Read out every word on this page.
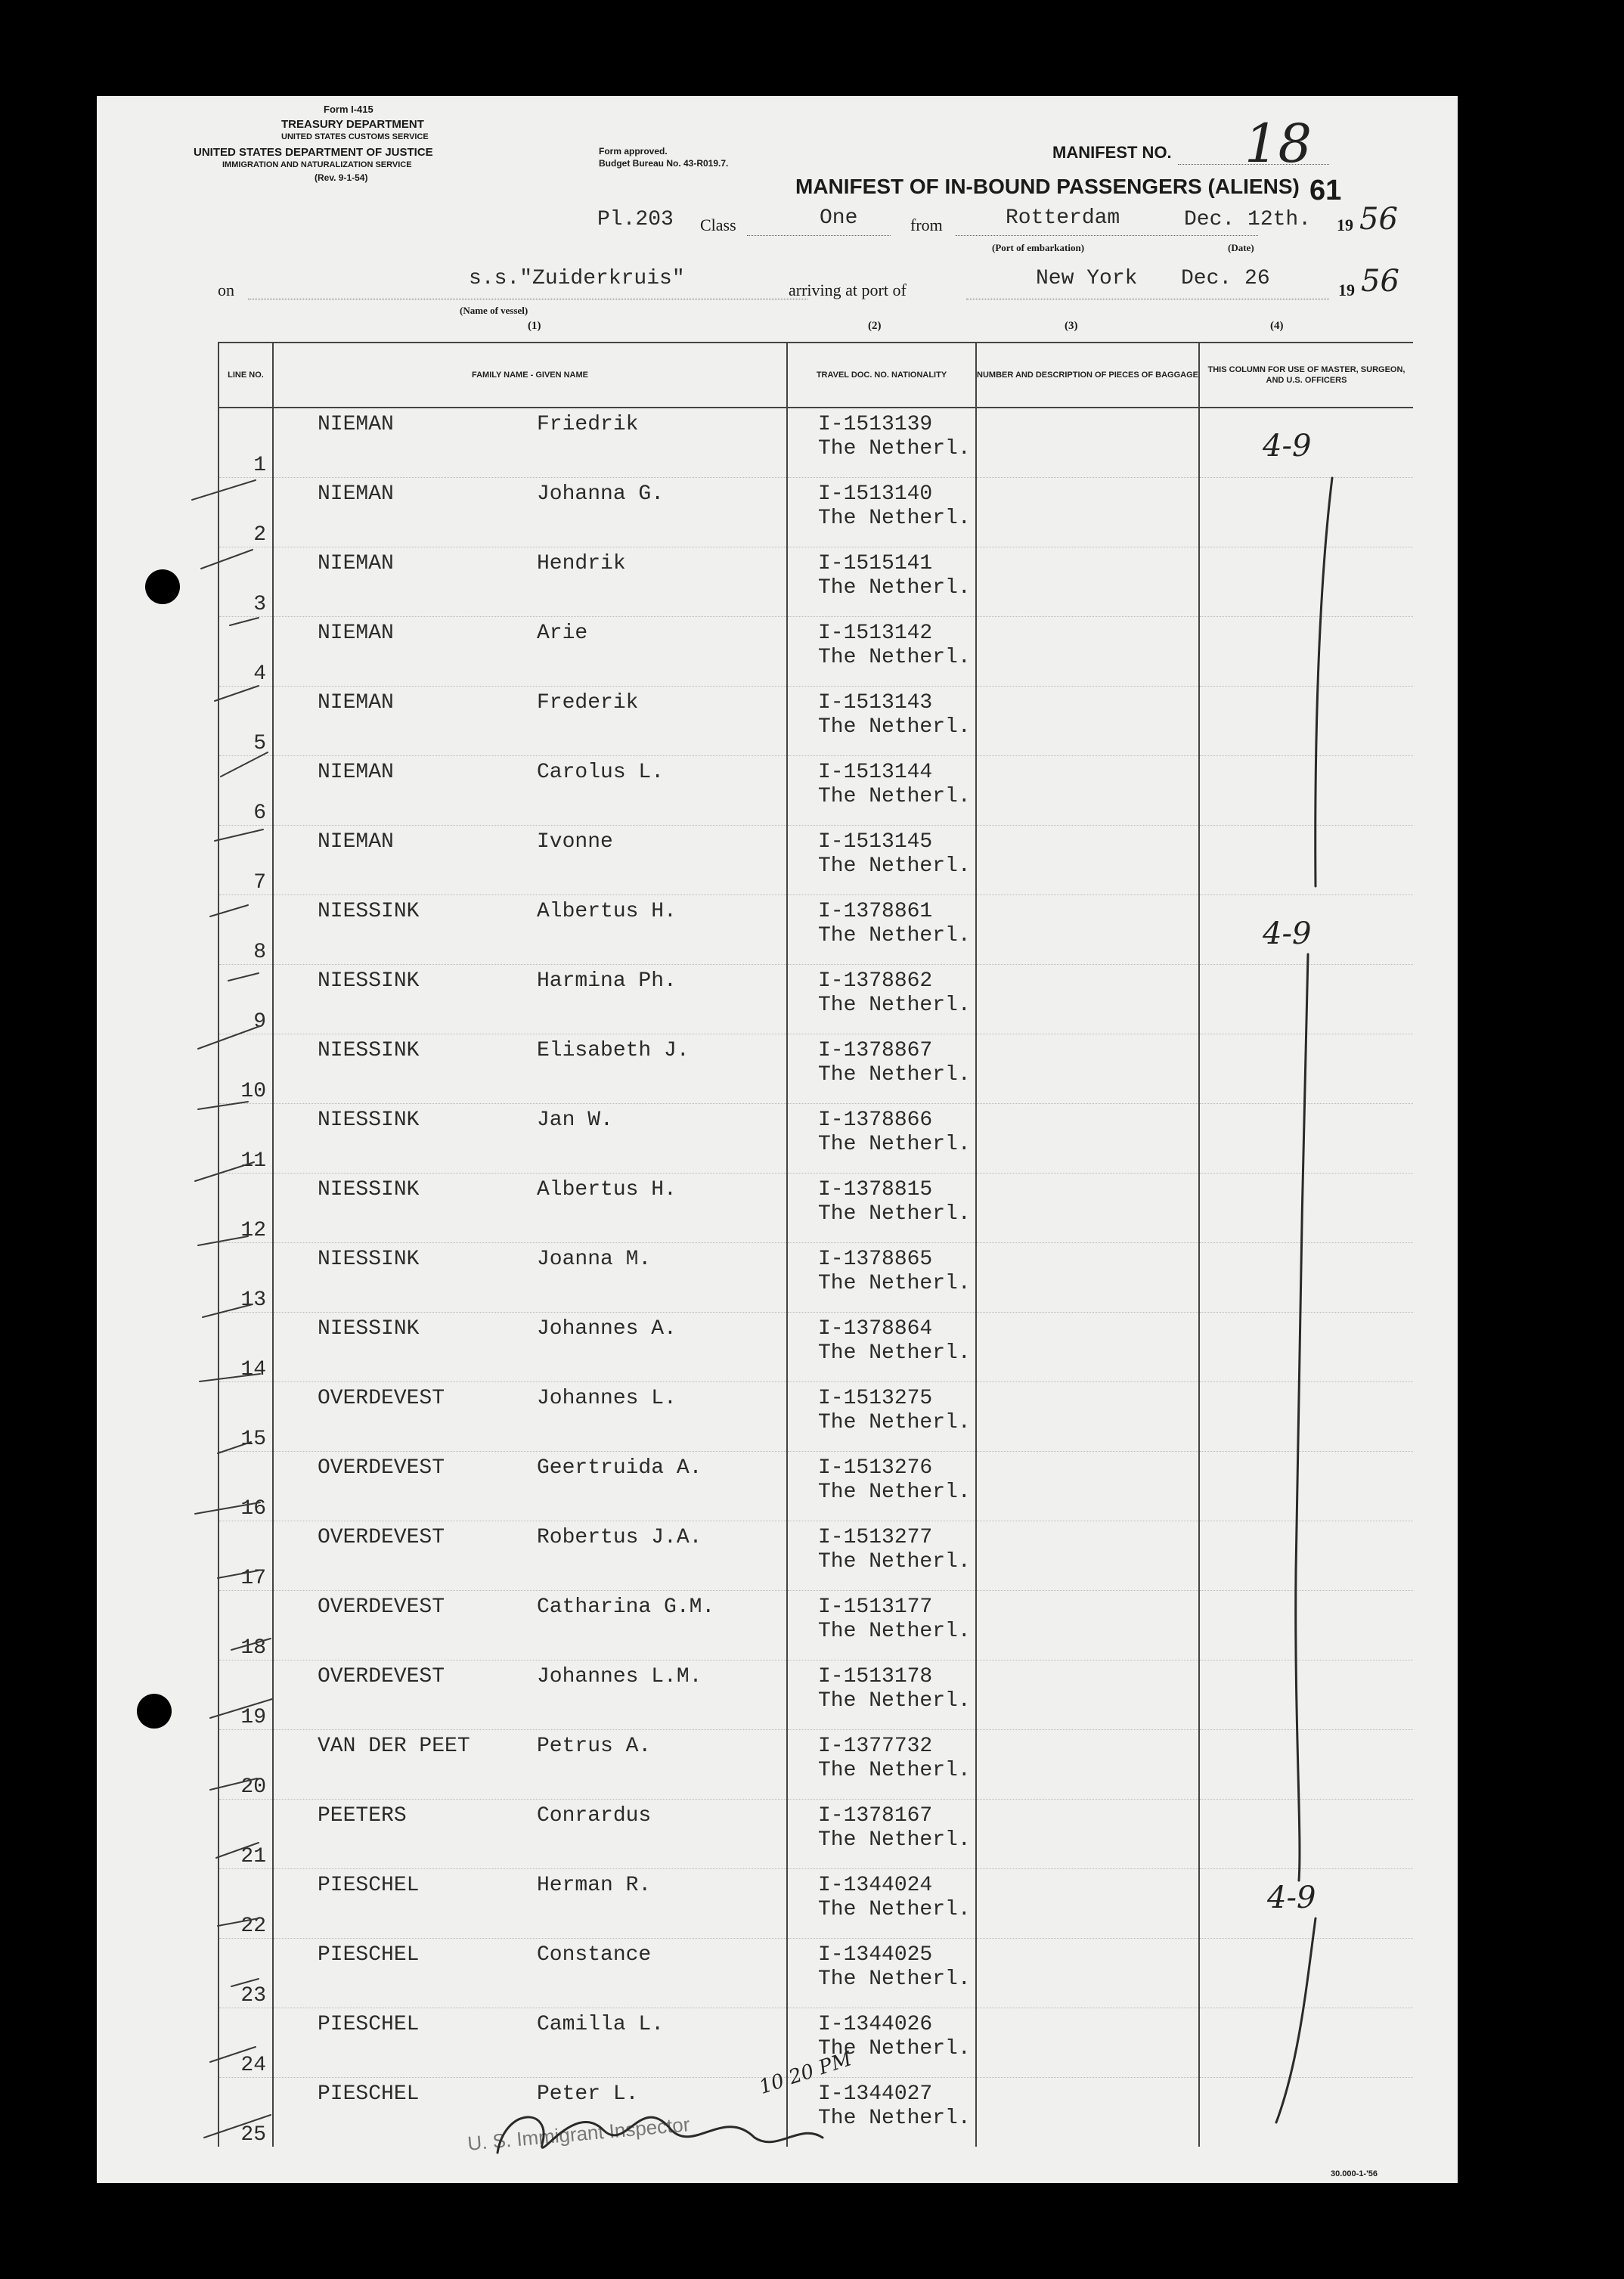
Form I-415
TREASURY DEPARTMENT
UNITED STATES CUSTOMS SERVICE
UNITED STATES DEPARTMENT OF JUSTICE
IMMIGRATION AND NATURALIZATION SERVICE
(Rev. 9-1-54)
Form approved.
Budget Bureau No. 43-R019.7.
MANIFEST NO. 18
MANIFEST OF IN-BOUND PASSENGERS (ALIENS) 61
Pl.203 Class	One	from	Rotterdam
(Port of embarkation)
Dec. 12th.
(Date)
19 56
on	s.s."Zuiderkruis"
(Name of vessel)
arriving at port of	New York Dec. 26	19 56
(1)	(2)	(3)	(4)
LINE NO.	FAMILY NAME - GIVEN NAME	TRAVEL DOC. NO. NATIONALITY	NUMBER AND DESCRIPTION OF PIECES OF BAGGAGE	THIS COLUMN FOR USE OF MASTER, SURGEON, AND U.S. OFFICERS
1	NIEMAN Friedrik	I-1513139
The Netherl.		

2	NIEMAN Johanna G.	I-1513140
The Netherl.		

3	NIEMAN Hendrik	I-1515141
The Netherl.		

4	NIEMAN Arie	I-1513142
The Netherl.		

5	NIEMAN Frederik	I-1513143
The Netherl.		

6	NIEMAN Carolus L.	I-1513144
The Netherl.		

7	NIEMAN Ivonne	I-1513145
The Netherl.		

8	NIESSINK Albertus H.	I-1378861
The Netherl.		

9	NIESSINK Harmina Ph.	I-1378862
The Netherl.		

10	NIESSINK Elisabeth J.	I-1378867
The Netherl.		

11	NIESSINK Jan W.	I-1378866
The Netherl.		

12	NIESSINK Albertus H.	I-1378815
The Netherl.		

13	NIESSINK Joanna M.	I-1378865
The Netherl.		

14	NIESSINK Johannes A.	I-1378864
The Netherl.		

15	OVERDEVEST Johannes L.	I-1513275
The Netherl.		

16	OVERDEVEST Geertruida A.	I-1513276
The Netherl.		

17	OVERDEVEST Robertus J.A.	I-1513277
The Netherl.		

18	OVERDEVEST Catharina G.M.	I-1513177
The Netherl.		

19	OVERDEVEST Johannes L.M.	I-1513178
The Netherl.		

20	VAN DER PEET Petrus A.	I-1377732
The Netherl.		

21	PEETERS Conrardus	I-1378167
The Netherl.		

22	PIESCHEL Herman R.	I-1344024
The Netherl.		

23	PIESCHEL Constance	I-1344025
The Netherl.		

24	PIESCHEL Camilla L.	I-1344026
The Netherl.		

25	PIESCHEL Peter L.	I-1344027
The Netherl.		

4-9
4-9
4-9
10 20 PM
U. S. Immigrant Inspector
30.000-1-'56
